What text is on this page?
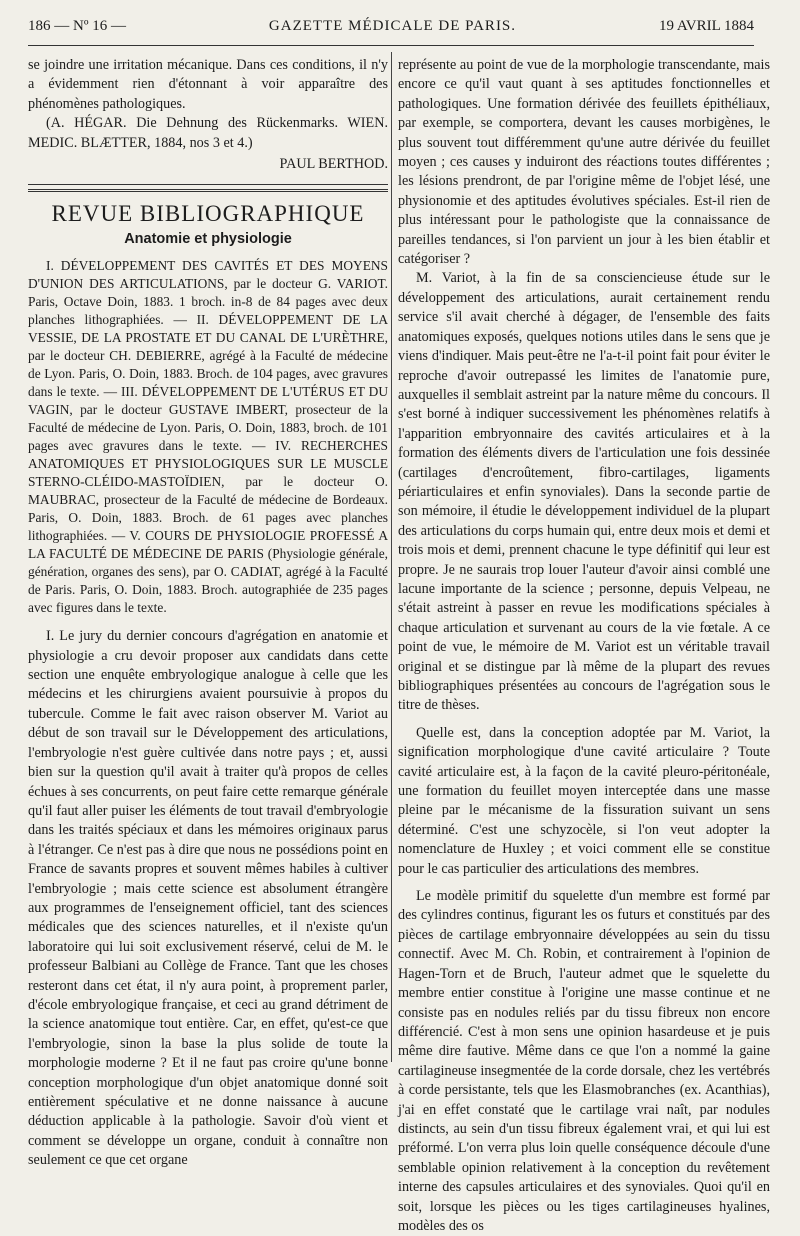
186 — Nº 16 —	GAZETTE MÉDICALE DE PARIS.	19 AVRIL 1884

se joindre une irritation mécanique. Dans ces conditions, il n'y a évidemment rien d'étonnant à voir apparaître des phénomènes pathologiques.

(A. HÉGAR. Die Dehnung des Rückenmarks. WIEN. MEDIC. BLÆTTER, 1884, nos 3 et 4.)

PAUL BERTHOD.

REVUE BIBLIOGRAPHIQUE
Anatomie et physiologie

I. DÉVELOPPEMENT DES CAVITÉS ET DES MOYENS D'UNION DES ARTICULATIONS, par le docteur G. VARIOT. Paris, Octave Doin, 1883. 1 broch. in-8 de 84 pages avec deux planches lithographiées. — II. DÉVELOPPEMENT DE LA VESSIE, DE LA PROSTATE ET DU CANAL DE L'URÈTHRE, par le docteur CH. DEBIERRE, agrégé à la Faculté de médecine de Lyon. Paris, O. Doin, 1883. Broch. de 104 pages, avec gravures dans le texte. — III. DÉVELOPPEMENT DE L'UTÉRUS ET DU VAGIN, par le docteur GUSTAVE IMBERT, prosecteur de la Faculté de médecine de Lyon. Paris, O. Doin, 1883, broch. de 101 pages avec gravures dans le texte. — IV. RECHERCHES ANATOMIQUES ET PHYSIOLOGIQUES SUR LE MUSCLE STERNO-CLÉIDO-MASTOÏDIEN, par le docteur O. MAUBRAC, prosecteur de la Faculté de médecine de Bordeaux. Paris, O. Doin, 1883. Broch. de 61 pages avec planches lithographiées. — V. COURS DE PHYSIOLOGIE PROFESSÉ A LA FACULTÉ DE MÉDECINE DE PARIS (Physiologie générale, génération, organes des sens), par O. CADIAT, agrégé à la Faculté de Paris. Paris, O. Doin, 1883. Broch. autographiée de 235 pages avec figures dans le texte.

I. Le jury du dernier concours d'agrégation en anatomie et physiologie a cru devoir proposer aux candidats dans cette section une enquête embryologique analogue à celle que les médecins et les chirurgiens avaient poursuivie à propos du tubercule. Comme le fait avec raison observer M. Variot au début de son travail sur le Développement des articulations, l'embryologie n'est guère cultivée dans notre pays ; et, aussi bien sur la question qu'il avait à traiter qu'à propos de celles échues à ses concurrents, on peut faire cette remarque générale qu'il faut aller puiser les éléments de tout travail d'embryologie dans les traités spéciaux et dans les mémoires originaux parus à l'étranger. Ce n'est pas à dire que nous ne possédions point en France de savants propres et souvent mêmes habiles à cultiver l'embryologie ; mais cette science est absolument étrangère aux programmes de l'enseignement officiel, tant des sciences médicales que des sciences naturelles, et il n'existe qu'un laboratoire qui lui soit exclusivement réservé, celui de M. le professeur Balbiani au Collège de France. Tant que les choses resteront dans cet état, il n'y aura point, à proprement parler, d'école embryologique française, et ceci au grand détriment de la science anatomique tout entière. Car, en effet, qu'est-ce que l'embryologie, sinon la base la plus solide de toute la morphologie moderne ? Et il ne faut pas croire qu'une bonne conception morphologique d'un objet anatomique donné soit entièrement spéculative et ne donne naissance à aucune déduction applicable à la pathologie. Savoir d'où vient et comment se développe un organe, conduit à connaître non seulement ce que cet organe

représente au point de vue de la morphologie transcendante, mais encore ce qu'il vaut quant à ses aptitudes fonctionnelles et pathologiques. Une formation dérivée des feuillets épithéliaux, par exemple, se comportera, devant les causes morbigènes, le plus souvent tout différemment qu'une autre dérivée du feuillet moyen ; ces causes y induiront des réactions toutes différentes ; les lésions prendront, de par l'origine même de l'objet lésé, une physionomie et des aptitudes évolutives spéciales. Est-il rien de plus intéressant pour le pathologiste que la connaissance de pareilles tendances, si l'on parvient un jour à les bien établir et catégoriser ?

M. Variot, à la fin de sa consciencieuse étude sur le développement des articulations, aurait certainement rendu service s'il avait cherché à dégager, de l'ensemble des faits anatomiques exposés, quelques notions utiles dans le sens que je viens d'indiquer. Mais peut-être ne l'a-t-il point fait pour éviter le reproche d'avoir outrepassé les limites de l'anatomie pure, auxquelles il semblait astreint par la nature même du concours. Il s'est borné à indiquer successivement les phénomènes relatifs à l'apparition embryonnaire des cavités articulaires et à la formation des éléments divers de l'articulation une fois dessinée (cartilages d'encroûtement, fibro-cartilages, ligaments périarticulaires et enfin synoviales). Dans la seconde partie de son mémoire, il étudie le développement individuel de la plupart des articulations du corps humain qui, entre deux mois et demi et trois mois et demi, prennent chacune le type définitif qui leur est propre. Je ne saurais trop louer l'auteur d'avoir ainsi comblé une lacune importante de la science ; personne, depuis Velpeau, ne s'était astreint à passer en revue les modifications spéciales à chaque articulation et survenant au cours de la vie fœtale. A ce point de vue, le mémoire de M. Variot est un véritable travail original et se distingue par là même de la plupart des revues bibliographiques présentées au concours de l'agrégation sous le titre de thèses.

Quelle est, dans la conception adoptée par M. Variot, la signification morphologique d'une cavité articulaire ? Toute cavité articulaire est, à la façon de la cavité pleuro-péritonéale, une formation du feuillet moyen interceptée dans une masse pleine par le mécanisme de la fissuration suivant un sens déterminé. C'est une schyzocèle, si l'on veut adopter la nomenclature de Huxley ; et voici comment elle se constitue pour le cas particulier des articulations des membres.

Le modèle primitif du squelette d'un membre est formé par des cylindres continus, figurant les os futurs et constitués par des pièces de cartilage embryonnaire développées au sein du tissu connectif. Avec M. Ch. Robin, et contrairement à l'opinion de Hagen-Torn et de Bruch, l'auteur admet que le squelette du membre entier constitue à l'origine une masse continue et ne consiste pas en nodules reliés par du tissu fibreux non encore différencié. C'est à mon sens une opinion hasardeuse et je puis même dire fautive. Même dans ce que l'on a nommé la gaine cartilagineuse insegmentée de la corde dorsale, chez les vertébrés à corde persistante, tels que les Elasmobranches (ex. Acanthias), j'ai en effet constaté que le cartilage vrai naît, par nodules distincts, au sein d'un tissu fibreux également vrai, et qui lui est préformé. L'on verra plus loin quelle conséquence découle d'une semblable opinion relativement à la conception du revêtement interne des capsules articulaires et des synoviales. Quoi qu'il en soit, lorsque les pièces ou les tiges cartilagineuses hyalines, modèles des os
